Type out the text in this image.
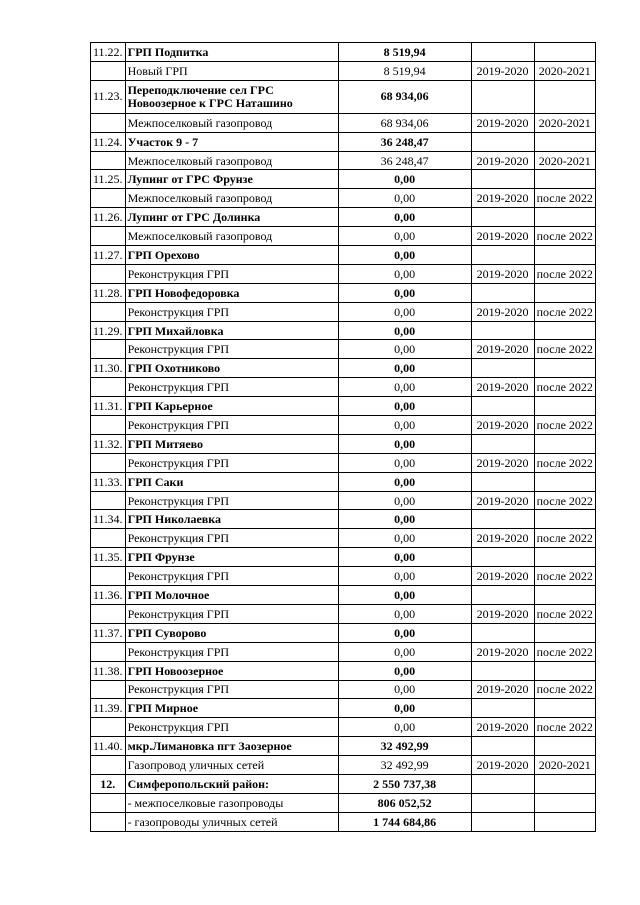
11.22.	ГРП Подпитка	8 519,94		
	Новый ГРП	8 519,94	2019-2020	2020-2021
11.23.	Переподключение сел ГРС Новоозерное к ГРС Наташино	68 934,06		
	Межпоселковый газопровод	68 934,06	2019-2020	2020-2021
11.24.	Участок 9 - 7	36 248,47		
	Межпоселковый газопровод	36 248,47	2019-2020	2020-2021
11.25.	Лупинг от ГРС Фрунзе	0,00		
	Межпоселковый газопровод	0,00	2019-2020	после 2022
11.26.	Лупинг от ГРС Долинка	0,00		
	Межпоселковый газопровод	0,00	2019-2020	после 2022
11.27.	ГРП Орехово	0,00		
	Реконструкция ГРП	0,00	2019-2020	после 2022
11.28.	ГРП Новофедоровка	0,00		
	Реконструкция ГРП	0,00	2019-2020	после 2022
11.29.	ГРП Михайловка	0,00		
	Реконструкция ГРП	0,00	2019-2020	после 2022
11.30.	ГРП Охотниково	0,00		
	Реконструкция ГРП	0,00	2019-2020	после 2022
11.31.	ГРП Карьерное	0,00		
	Реконструкция ГРП	0,00	2019-2020	после 2022
11.32.	ГРП Митяево	0,00		
	Реконструкция ГРП	0,00	2019-2020	после 2022
11.33.	ГРП Саки	0,00		
	Реконструкция ГРП	0,00	2019-2020	после 2022
11.34.	ГРП Николаевка	0,00		
	Реконструкция ГРП	0,00	2019-2020	после 2022
11.35.	ГРП Фрунзе	0,00		
	Реконструкция ГРП	0,00	2019-2020	после 2022
11.36.	ГРП Молочное	0,00		
	Реконструкция ГРП	0,00	2019-2020	после 2022
11.37.	ГРП Суворово	0,00		
	Реконструкция ГРП	0,00	2019-2020	после 2022
11.38.	ГРП Новоозерное	0,00		
	Реконструкция ГРП	0,00	2019-2020	после 2022
11.39.	ГРП Мирное	0,00		
	Реконструкция ГРП	0,00	2019-2020	после 2022
11.40.	мкр.Лимановка пгт Заозерное	32 492,99		
	Газопровод уличных сетей	32 492,99	2019-2020	2020-2021
12.	Симферопольский район:	2 550 737,38		
	- межпоселковые газопроводы	806 052,52		
	- газопроводы уличных сетей	1 744 684,86		
